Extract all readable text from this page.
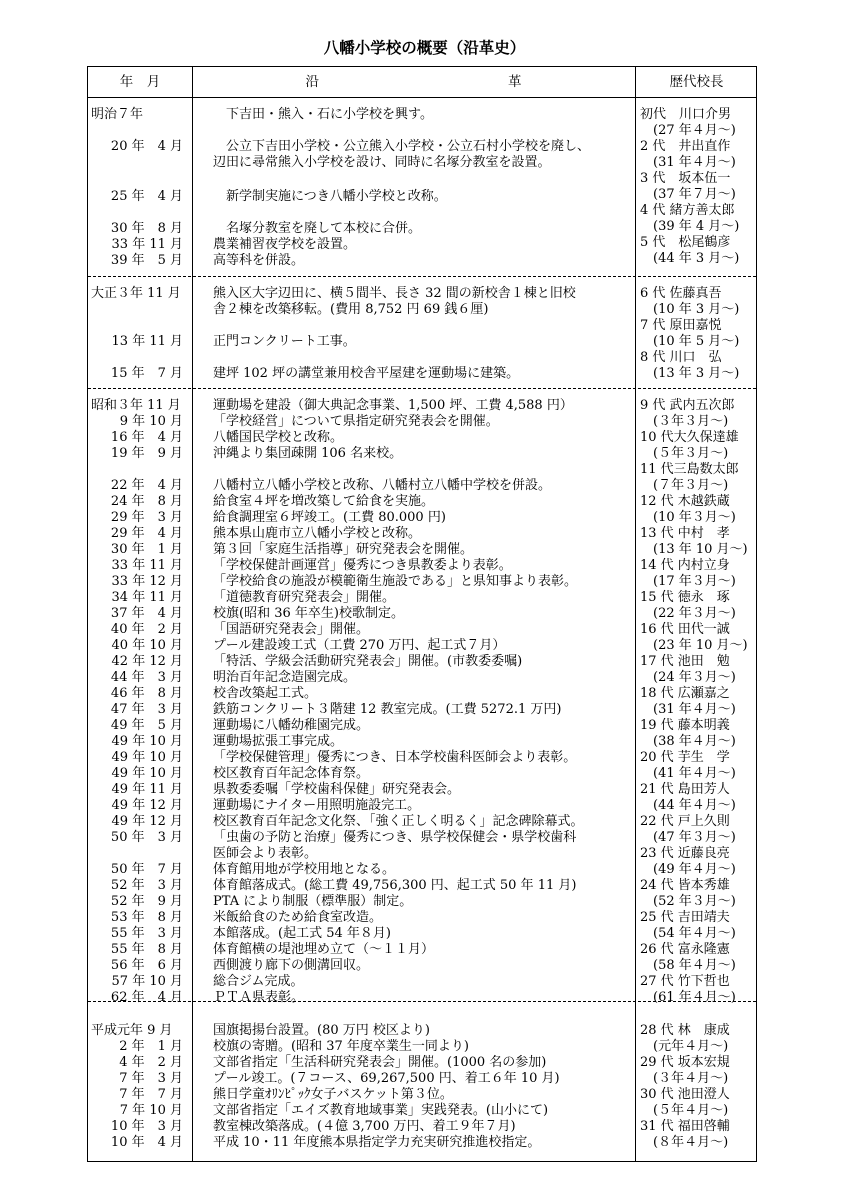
八幡小学校の概要（沿革史）
年　月	沿　　　　　　　　　　　　　　革	歴代校長
明治７年
20 年　4 月
25 年　4 月
30 年　8 月
33 年 11 月
39 年　5 月
大正３年 11 月
13 年 11 月
15 年　7 月
昭和３年 11 月
9 年 10 月
16 年　4 月
19 年　9 月
22 年　4 月
24 年　8 月
29 年　3 月
29 年　4 月
30 年　1 月
33 年 11 月
33 年 12 月
34 年 11 月
37 年　4 月
40 年　2 月
40 年 10 月
42 年 12 月
44 年　3 月
46 年　8 月
47 年　3 月
49 年　5 月
49 年 10 月
49 年 10 月
49 年 10 月
49 年 11 月
49 年 12 月
49 年 12 月
50 年　3 月
50 年　7 月
52 年　3 月
52 年　9 月
53 年　8 月
55 年　3 月
55 年　8 月
56 年　6 月
57 年 10 月
62 年　4 月
平成元年 9 月
2 年　1 月
4 年　2 月
7 年　3 月
7 年　7 月
7 年 10 月
10 年　3 月
10 年　4 月
　下吉田・熊入・石に小学校を興す。
　公立下吉田小学校・公立熊入小学校・公立石村小学校を廃し、
辺田に尋常熊入小学校を設け、同時に名塚分教室を設置。
　新学制実施につき八幡小学校と改称。
　名塚分教室を廃して本校に合併。
農業補習夜学校を設置。
高等科を併設。
熊入区大字辺田に、横５間半、長さ 32 間の新校舎１棟と旧校
舎２棟を改築移転。(費用 8,752 円 69 銭６厘)
正門コンクリート工事。
建坪 102 坪の講堂兼用校舎平屋建を運動場に建築。
運動場を建設（御大典記念事業、1,500 坪、工費 4,588 円）
「学校経営」について県指定研究発表会を開催。
八幡国民学校と改称。
沖縄より集団疎開 106 名来校。
八幡村立八幡小学校と改称、八幡村立八幡中学校を併設。
給食室４坪を増改築して給食を実施。
給食調理室６坪竣工。(工費 80.000 円)
熊本県山鹿市立八幡小学校と改称。
第３回「家庭生活指導」研究発表会を開催。
「学校保健計画運営」優秀につき県教委より表彰。
「学校給食の施設が模範衛生施設である」と県知事より表彰。
「道徳教育研究発表会」開催。
校旗(昭和 36 年卒生)校歌制定。
「国語研究発表会」開催。
プール建設竣工式（工費 270 万円、起工式７月）
「特活、学級会活動研究発表会」開催。(市教委委嘱)
明治百年記念造園完成。
校舎改築起工式。
鉄筋コンクリート３階建 12 教室完成。(工費 5272.1 万円)
運動場に八幡幼稚園完成。
運動場拡張工事完成。
「学校保健管理」優秀につき、日本学校歯科医師会より表彰。
校区教育百年記念体育祭。
県教委委嘱「学校歯科保健」研究発表会。
運動場にナイター用照明施設完工。
校区教育百年記念文化祭、「強く正しく明るく」記念碑除幕式。
「虫歯の予防と治療」優秀につき、県学校保健会・県学校歯科
医師会より表彰。
体育館用地が学校用地となる。
体育館落成式。(総工費 49,756,300 円、起工式 50 年 11 月)
PTA により制服（標準服）制定。
米飯給食のため給食室改造。
本館落成。(起工式 54 年８月)
体育館横の堤池埋め立て（～１１月）
西側渡り廊下の側溝回収。
総合ジム完成。
ＰＴＡ県表彰。
国旗掲揚台設置。(80 万円 校区より)
校旗の寄贈。(昭和 37 年度卒業生一同より)
文部省指定「生活科研究発表会」開催。(1000 名の参加)
プール竣工。(７コース、69,267,500 円、着工６年 10 月)
熊日学童ｵﾘﾝﾋﾟｯｸ女子バスケット第３位。
文部省指定「エイズ教育地域事業」実践発表。(山小にて)
教室棟改築落成。(４億 3,700 万円、着工９年７月)
平成 10・11 年度熊本県指定学力充実研究推進校指定。
初代　川口介男
　(27 年４月～)
2 代　井出直作
　(31 年４月～)
3 代　坂本伍一
　(37 年７月～)
4 代 緒方善太郎
　(39 年 4 月～)
5 代　松尾鶴彦
　(44 年 3 月～)
6 代 佐藤真吾
　(10 年 3 月～)
7 代 原田嘉悦
　(10 年 5 月～)
8 代 川口　弘
　(13 年 3 月～)
9 代 武内五次郎
　(３年３月～)
10 代大久保達雄
　(５年３月～)
11 代三島数太郎
　(７年３月～)
12 代 木越鉄蔵
　(10 年３月～)
13 代 中村　孝
　(13 年 10 月～)
14 代 内村立身
　(17 年３月～)
15 代 徳永　琢
　(22 年３月～)
16 代 田代一誠
　(23 年 10 月～)
17 代 池田　勉
　(24 年３月～)
18 代 広瀬嘉之
　(31 年４月～)
19 代 藤本明義
　(38 年４月～)
20 代 芋生　学
　(41 年４月～)
21 代 島田芳人
　(44 年４月～)
22 代 戸上久則
　(47 年３月～)
23 代 近藤良亮
　(49 年４月～)
24 代 皆本秀雄
　(52 年３月～)
25 代 吉田靖夫
　(54 年４月～)
26 代 富永隆憲
　(58 年４月～)
27 代 竹下哲也
　(61 年４月～)
28 代 林　康成
　(元年４月～)
29 代 坂本宏規
　(３年４月～)
30 代 池田澄人
　(５年４月～)
31 代 福田啓輔
　(８年４月～)
